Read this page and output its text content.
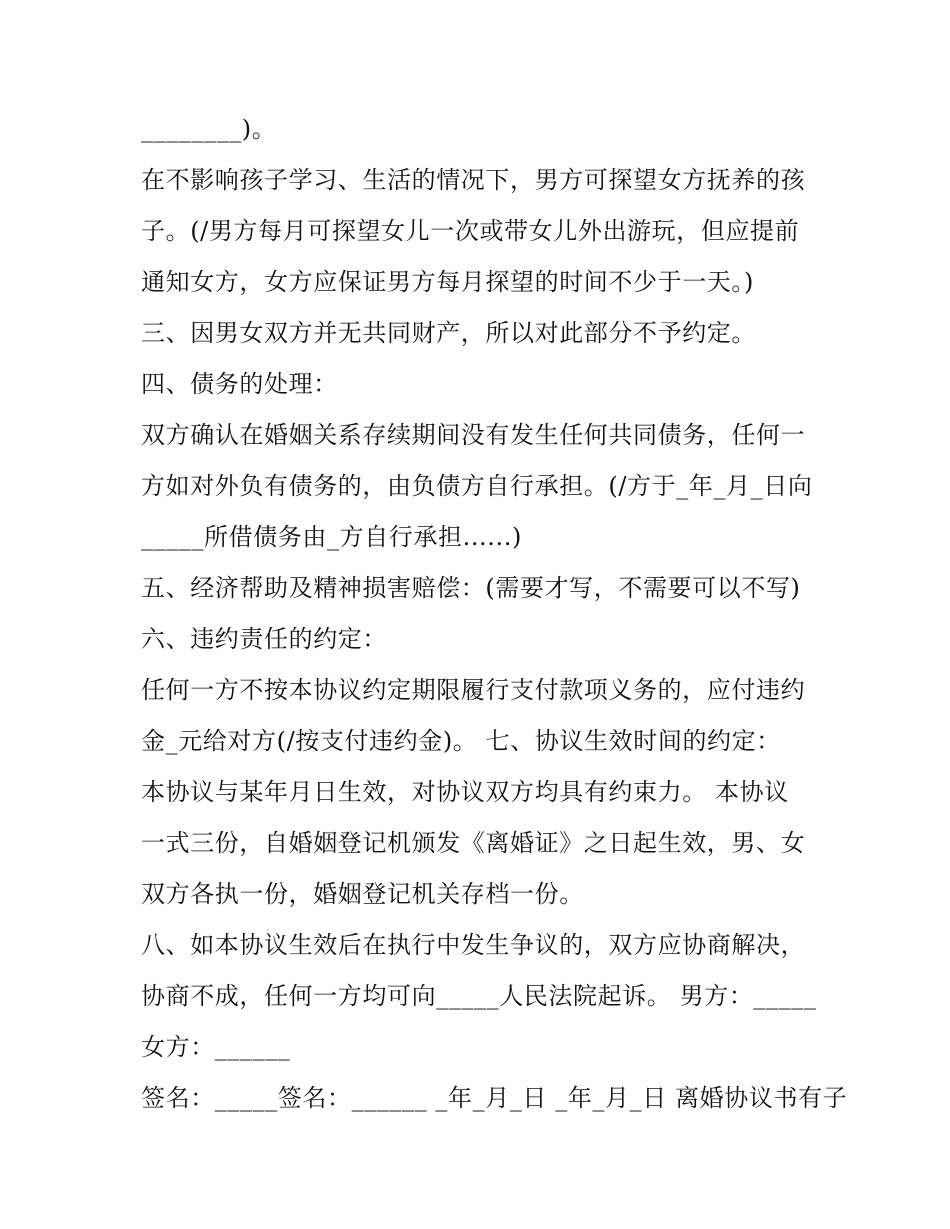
________)。
在不影响孩子学习、生活的情况下，男方可探望女方抚养的孩
子。(/男方每月可探望女儿一次或带女儿外出游玩，但应提前
通知女方，女方应保证男方每月探望的时间不少于一天。)
三、因男女双方并无共同财产，所以对此部分不予约定。
四、债务的处理：
双方确认在婚姻关系存续期间没有发生任何共同债务，任何一
方如对外负有债务的，由负债方自行承担。(/方于_年_月_日向
_____所借债务由_方自行承担......)
五、经济帮助及精神损害赔偿：(需要才写，不需要可以不写)
六、违约责任的约定：
任何一方不按本协议约定期限履行支付款项义务的，应付违约
金_元给对方(/按支付违约金)。 七、协议生效时间的约定：
本协议与某年月日生效，对协议双方均具有约束力。 本协议
一式三份，自婚姻登记机颁发《离婚证》之日起生效，男、女
双方各执一份，婚姻登记机关存档一份。
八、如本协议生效后在执行中发生争议的，双方应协商解决，
协商不成，任何一方均可向_____人民法院起诉。 男方：_____
女方：______
签名：_____签名：______ _年_月_日 _年_月_日 离婚协议书有子
